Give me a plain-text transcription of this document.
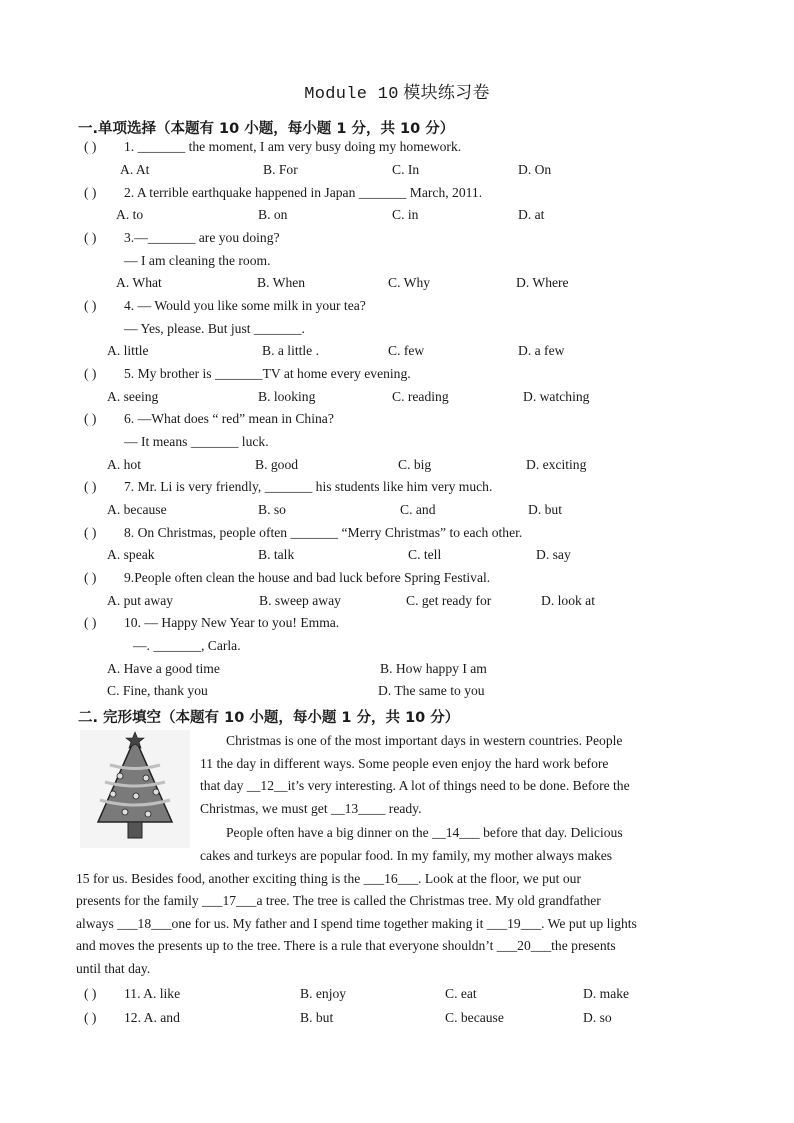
Module 10 模块练习卷
一.单项选择（本题有 10 小题，每小题 1 分，共 10 分）
( ) 1. _______ the moment, I am very busy doing my homework.
A. At	B. For	C. In	D. On
( ) 2. A terrible earthquake happened in Japan _______ March, 2011.
A. to	B. on	C. in	D. at
( ) 3.—_______ are you doing?
— I am cleaning the room.
A. What	B. When	C. Why	D. Where
( ) 4. — Would you like some milk in your tea?
— Yes, please. But just _______.
A. little	B. a little .	C. few	D. a few
( ) 5. My brother is _______TV at home every evening.
A. seeing	B. looking	C. reading	D. watching
( ) 6. —What does “ red” mean in China?
— It means _______ luck.
A. hot	B. good	C. big	D. exciting
( ) 7. Mr. Li is very friendly, _______ his students like him very much.
A. because	B. so	C. and	D. but
( ) 8. On Christmas, people often _______ “Merry Christmas” to each other.
A. speak	B. talk	C. tell	D. say
( ) 9.People often clean the house and bad luck before Spring Festival.
A. put away	B. sweep away	C. get ready for	D. look at
( ) 10. — Happy New Year to you! Emma.
—. _______, Carla.
A. Have a good time	B. How happy I am
C. Fine, thank you	D. The same to you
二. 完形填空（本题有 10 小题，每小题 1 分，共 10 分）
Christmas is one of the most important days in western countries. People
11 the day in different ways. Some people even enjoy the hard work before
that day __12__it’s very interesting. A lot of things need to be done. Before the
Christmas, we must get __13____ ready.
People often have a big dinner on the __14___ before that day. Delicious
cakes and turkeys are popular food. In my family, my mother always makes
15 for us. Besides food, another exciting thing is the ___16___. Look at the floor, we put our
presents for the family ___17___a tree. The tree is called the Christmas tree. My old grandfather
always ___18___one for us. My father and I spend time together making it ___19___. We put up lights
and moves the presents up to the tree. There is a rule that everyone shouldn’t ___20___the presents
until that day.
( ) 11. A. like	B. enjoy	C. eat	D. make
( ) 12. A. and	B. but	C. because	D. so
